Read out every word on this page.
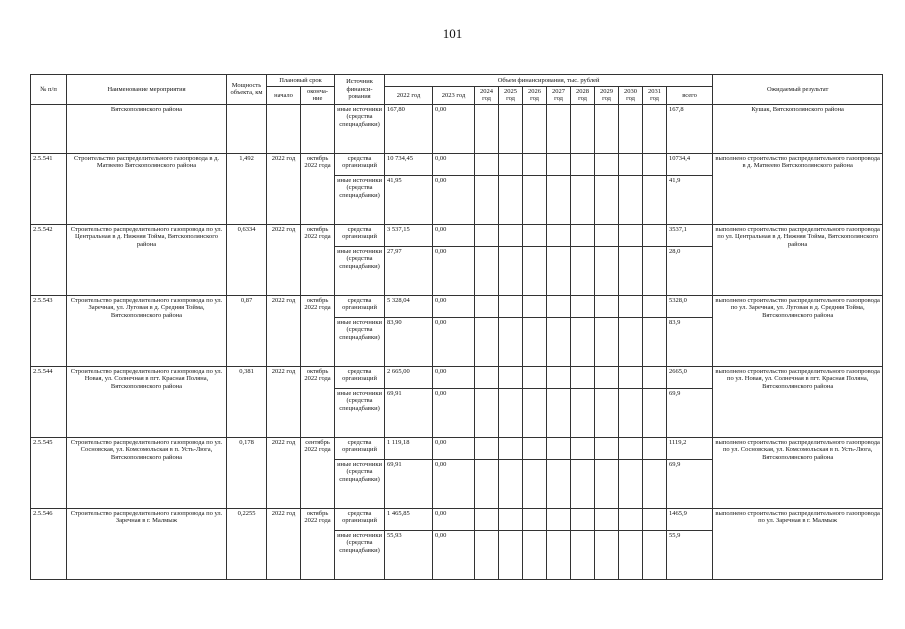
101
№ п/п	Наименование мероприятия	Мощность объекта, км	Плановый срок		Источник финанси-рования	Объем финансирования, тыс. рублей											Ожидаемый результат
			начало	оконча-ние		2022 год	2023 год	2024 год	2025 год	2026 год	2027 год	2028 год	2029 год	2030 год	2031 год	всего	
	Вятскополянского района				иные источники (средства спецнадбавки)	167,80	0,00									167,8	Кушак, Вятскополянского района
2.5.541	Строительство распределительного газопровода в д. Матвеево Вятскополянского района	1,492	2022 год	октябрь 2022 года	средства организаций	10 734,45	0,00									10734,4	выполнено строительство распределительного газопровода в д. Матвеево Вятскополянского района
					иные источники (средства спецнадбавки)	41,95	0,00									41,9	
2.5.542	Строительство распределительного газопровода по ул. Центральная в д. Нижняя Тойма, Вятскополянского района	0,6334	2022 год	октябрь 2022 года	средства организаций	3 537,15	0,00									3537,1	выполнено строительство распределительного газопровода по ул. Центральная в д. Нижняя Тойма, Вятскополянского района
					иные источники (средства спецнадбавки)	27,97	0,00									28,0	
2.5.543	Строительство распределительного газопровода по ул. Заречная, ул. Луговая в д. Средняя Тойма, Вятскополянского района	0,87	2022 год	октябрь 2022 года	средства организаций	5 328,04	0,00									5328,0	выполнено строительство распределительного газопровода по ул. Заречная, ул. Луговая в д. Средняя Тойма, Вятскополянского района
					иные источники (средства спецнадбавки)	83,90	0,00									83,9	
2.5.544	Строительство распределительного газопровода по ул. Новая, ул. Солнечная в пгт. Красная Поляна, Вятскополянского района	0,381	2022 год	октябрь 2022 года	средства организаций	2 665,00	0,00									2665,0	выполнено строительство распределительного газопровода по ул. Новая, ул. Солнечная в пгт. Красная Поляна, Вятскополянского района
					иные источники (средства спецнадбавки)	69,91	0,00									69,9	
2.5.545	Строительство распределительного газопровода по ул. Сосновская, ул. Комсомольская в п. Усть-Люга, Вятскополянского района	0,178	2022 год	сентябрь 2022 года	средства организаций	1 119,18	0,00									1119,2	выполнено строительство распределительного газопровода по ул. Сосновская, ул. Комсомольская в п. Усть-Люга, Вятскополянского района
					иные источники (средства спецнадбавки)	69,91	0,00									69,9	
2.5.546	Строительство распределительного газопровода по ул. Заречная в г. Малмыж	0,2255	2022 год	октябрь 2022 года	средства организаций	1 465,85	0,00									1465,9	выполнено строительство распределительного газопровода по ул. Заречная в г. Малмыж
					иные источники (средства спецнадбавки)	55,93	0,00									55,9	
